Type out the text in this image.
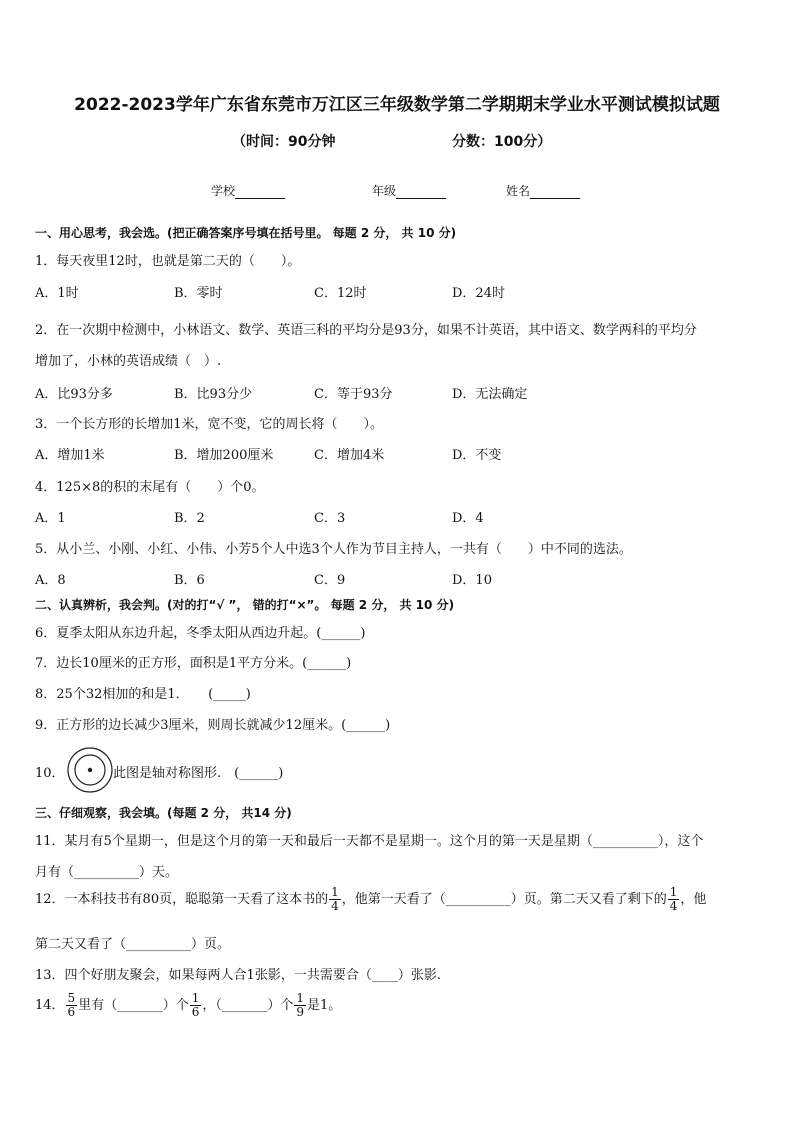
2022-2023学年广东省东莞市万江区三年级数学第二学期期末学业水平测试模拟试题
（时间：90分钟	分数：100分）
学校	年级	姓名
一、用心思考，我会选。(把正确答案序号填在括号里。 每题 2 分， 共 10 分)
1．每天夜里12时，也就是第二天的（　　）。
A．1时	B．零时	C．12时	D．24时
2．在一次期中检测中，小林语文、数学、英语三科的平均分是93分，如果不计英语，其中语文、数学两科的平均分
增加了，小林的英语成绩（　）.
A．比93分多	B．比93分少	C．等于93分	D．无法确定
3．一个长方形的长增加1米，宽不变，它的周长将（　　）。
A．增加1米	B．增加200厘米	C．增加4米	D．不变
4．125×8的积的末尾有（　　）个0。
A．1	B．2	C．3	D．4
5．从小兰、小刚、小红、小伟、小芳5个人中选3个人作为节目主持人，一共有（　　）中不同的选法。
A．8	B．6	C．9	D．10
二、认真辨析，我会判。(对的打“√ ”， 错的打“×”。 每题 2 分， 共 10 分)
6．夏季太阳从东边升起，冬季太阳从西边升起。(______)
7．边长10厘米的正方形，面积是1平方分米。(______)
8．25个32相加的和是1．　　(_____)
9．正方形的边长减少3厘米，则周长就减少12厘米。(______)
10．	此图是轴对称图形.　(______)
三、仔细观察，我会填。(每题 2 分， 共14 分)
11．某月有5个星期一，但是这个月的第一天和最后一天都不是星期一。这个月的第一天是星期（__________），这个
月有（__________）天。
12．一本科技书有80页，聪聪第一天看了这本书的 $\frac{1}{4}$ ，他第一天看了（__________）页。第二天又看了剩下的 $\frac{1}{4}$ ，他
第二天又看了（__________）页。
13．四个好朋友聚会，如果每两人合1张影，一共需要合（____）张影.
14． $\frac{5}{6}$ 里有（_______）个 $\frac{1}{6}$ ，（_______）个 $\frac{1}{9}$ 是1。
